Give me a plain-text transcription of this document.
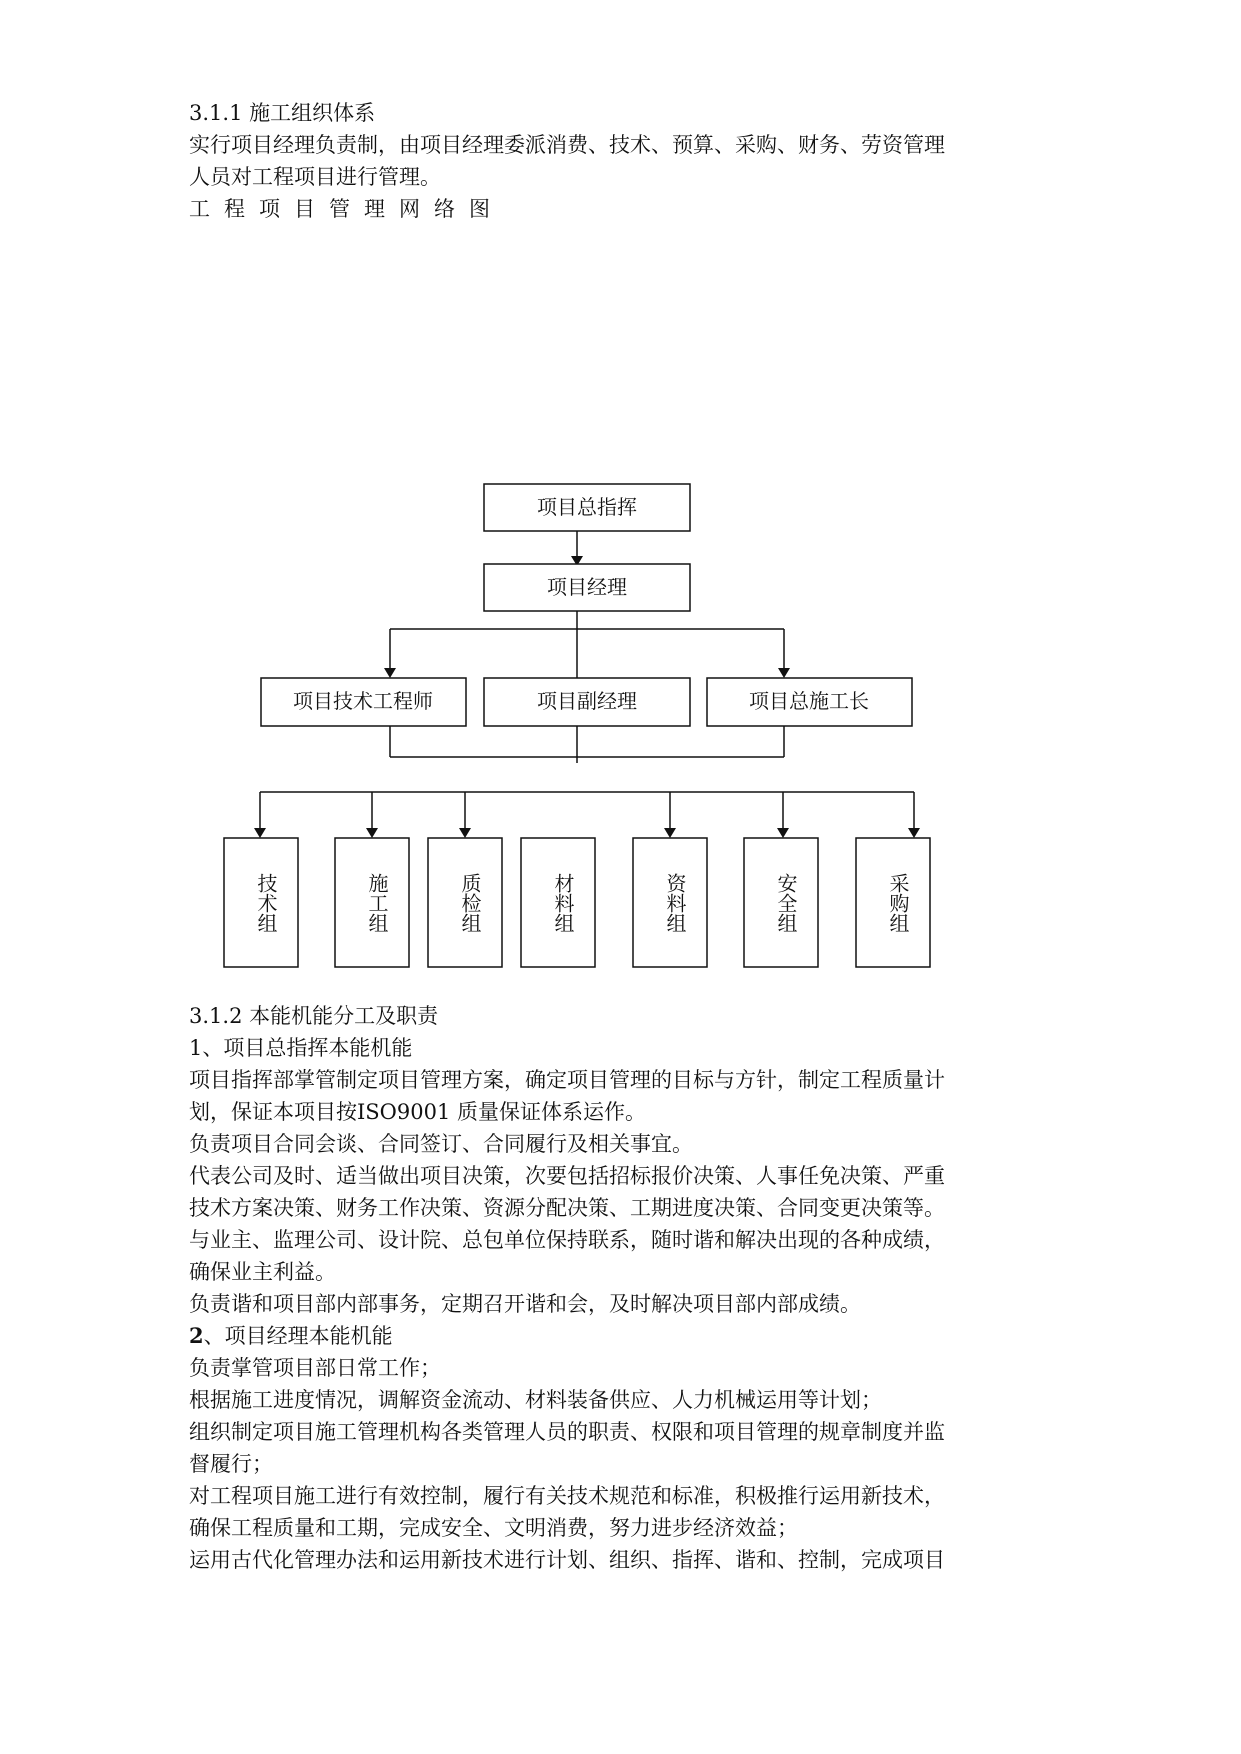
3.1.1 施工组织体系
实行项目经理负责制，由项目经理委派消费、技术、预算、采购、财务、劳资管理
人员对工程项目进行管理。
工程项目管理网络图
项目总指挥
项目经理
项目技术工程师	项目副经理	项目总施工长
技术组	施工组	质检组	材料组	资料组	安全组	采购组
3.1.2 本能机能分工及职责
1、项目总指挥本能机能
项目指挥部掌管制定项目管理方案，确定项目管理的目标与方针，制定工程质量计
划，保证本项目按ISO9001 质量保证体系运作。
负责项目合同会谈、合同签订、合同履行及相关事宜。
代表公司及时、适当做出项目决策，次要包括招标报价决策、人事任免决策、严重
技术方案决策、财务工作决策、资源分配决策、工期进度决策、合同变更决策等。
与业主、监理公司、设计院、总包单位保持联系，随时谐和解决出现的各种成绩，
确保业主利益。
负责谐和项目部内部事务，定期召开谐和会，及时解决项目部内部成绩。
2、项目经理本能机能
负责掌管项目部日常工作；
根据施工进度情况，调解资金流动、材料装备供应、人力机械运用等计划；
组织制定项目施工管理机构各类管理人员的职责、权限和项目管理的规章制度并监
督履行；
对工程项目施工进行有效控制，履行有关技术规范和标准，积极推行运用新技术，
确保工程质量和工期，完成安全、文明消费，努力进步经济效益；
运用古代化管理办法和运用新技术进行计划、组织、指挥、谐和、控制，完成项目
